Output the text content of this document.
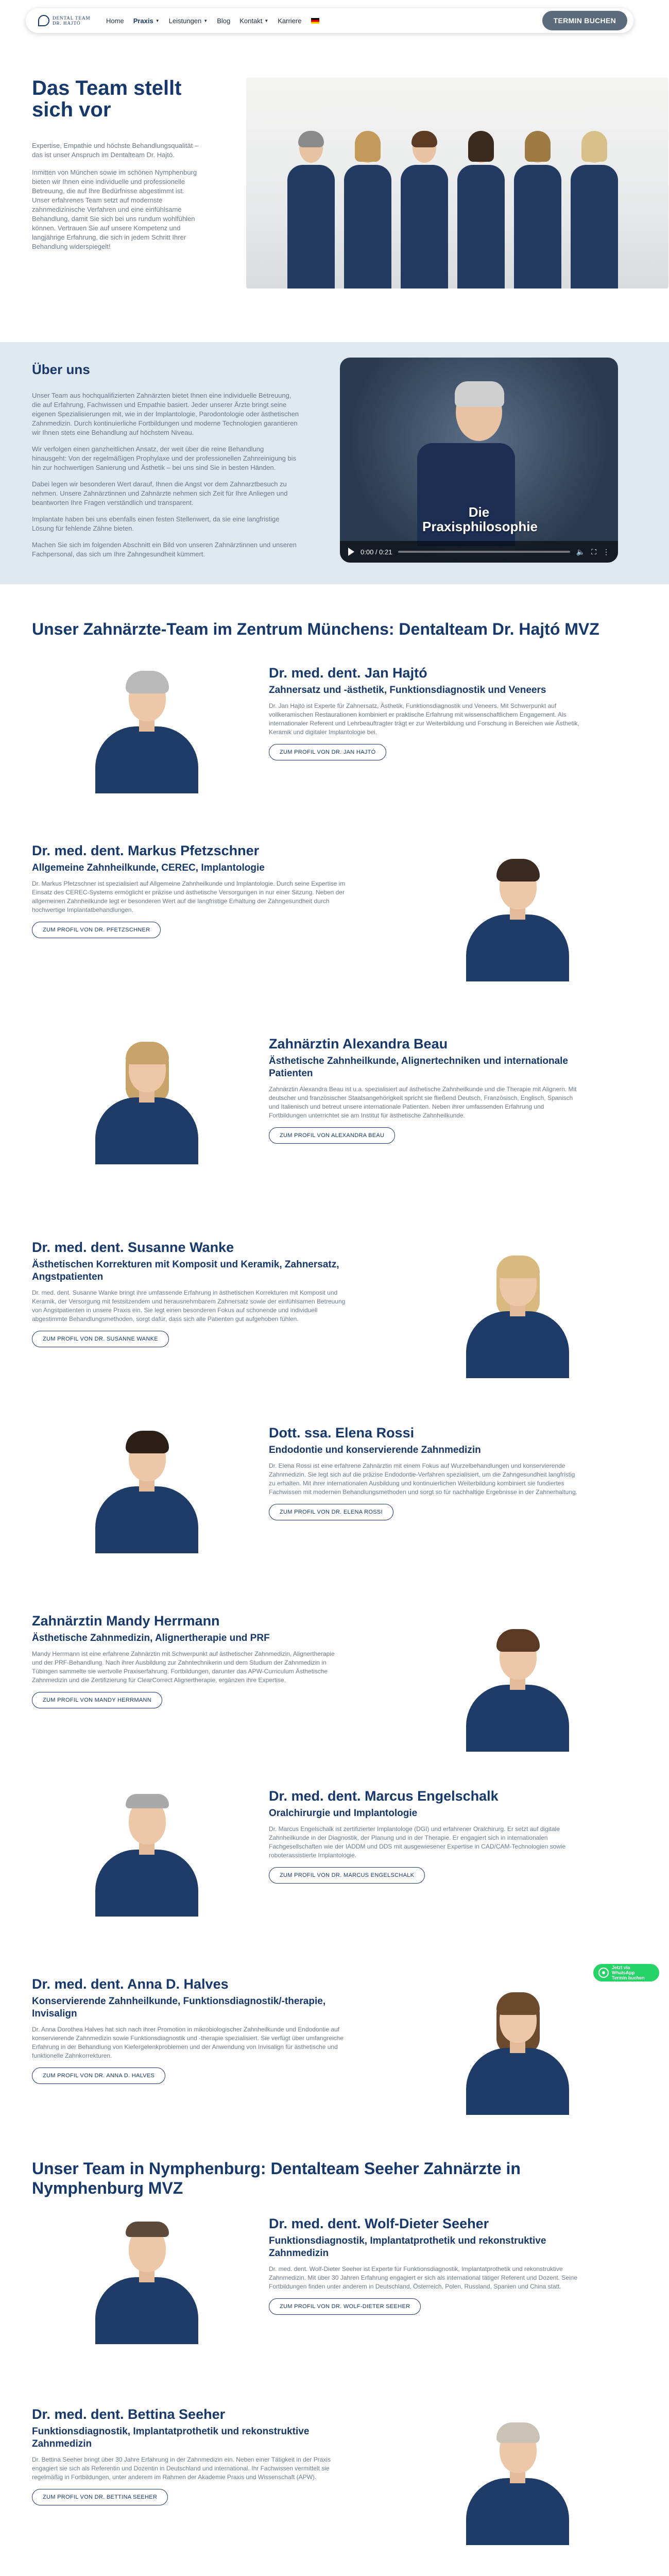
DENTAL TEAM
DR. HAJTÓ	Home Praxis ▼ Leistungen ▼ Blog Kontakt ▼ Karriere	TERMIN BUCHEN
Das Team stellt sich vor

Expertise, Empathie und höchste Behandlungsqualität – das ist unser Anspruch im Dentalteam Dr. Hajtó.

Inmitten von München sowie im schönen Nymphenburg bieten wir Ihnen eine individuelle und professionelle Betreuung, die auf Ihre Bedürfnisse abgestimmt ist. Unser erfahrenes Team setzt auf modernste zahnmedizinische Verfahren und eine einfühlsame Behandlung, damit Sie sich bei uns rundum wohlfühlen können. Vertrauen Sie auf unsere Kompetenz und langjährige Erfahrung, die sich in jedem Schritt Ihrer Behandlung widerspiegelt!

Über uns

Unser Team aus hochqualifizierten Zahnärzten bietet Ihnen eine individuelle Betreuung, die auf Erfahrung, Fachwissen und Empathie basiert. Jeder unserer Ärzte bringt seine eigenen Spezialisierungen mit, wie in der Implantologie, Parodontologie oder ästhetischen Zahnmedizin. Durch kontinuierliche Fortbildungen und moderne Technologien garantieren wir Ihnen stets eine Behandlung auf höchstem Niveau.

Wir verfolgen einen ganzheitlichen Ansatz, der weit über die reine Behandlung hinausgeht: Von der regelmäßigen Prophylaxe und der professionellen Zahnreinigung bis hin zur hochwertigen Sanierung und Ästhetik – bei uns sind Sie in besten Händen.

Dabei legen wir besonderen Wert darauf, Ihnen die Angst vor dem Zahnarztbesuch zu nehmen. Unsere Zahnärztinnen und Zahnärzte nehmen sich Zeit für Ihre Anliegen und beantworten Ihre Fragen verständlich und transparent.

Implantate haben bei uns ebenfalls einen festen Stellenwert, da sie eine langfristige Lösung für fehlende Zähne bieten.

Machen Sie sich im folgenden Abschnitt ein Bild von unseren Zahnärztinnen und unseren Fachpersonal, das sich um Ihre Zahngesundheit kümmert.

Die Praxisphilosophie
0:00 / 0:21	🔈 ⛶ ⋮
Unser Zahnärzte-Team im Zentrum Münchens: Dentalteam Dr. Hajtó MVZ
Dr. med. dent. Jan Hajtó
Zahnersatz und -ästhetik, Funktionsdiagnostik und Veneers

Dr. Jan Hajtó ist Experte für Zahnersatz, Ästhetik, Funktionsdiagnostik und Veneers. Mit Schwerpunkt auf vollkeramischen Restaurationen kombiniert er praktische Erfahrung mit wissenschaftlichem Engagement. Als internationaler Referent und Lehrbeauftragter trägt er zur Weiterbildung und Forschung in Bereichen wie Ästhetik, Keramik und digitaler Implantologie bei.

ZUM PROFIL VON DR. JAN HAJTÓ
Dr. med. dent. Markus Pfetzschner
Allgemeine Zahnheilkunde, CEREC, Implantologie

Dr. Markus Pfetzschner ist spezialisiert auf Allgemeine Zahnheilkunde und Implantologie. Durch seine Expertise im Einsatz des CEREC-Systems ermöglicht er präzise und ästhetische Versorgungen in nur einer Sitzung. Neben der allgemeinen Zahnheilkunde legt er besonderen Wert auf die langfristige Erhaltung der Zahngesundheit durch hochwertige Implantatbehandlungen.

ZUM PROFIL VON DR. PFETZSCHNER
Zahnärztin Alexandra Beau
Ästhetische Zahnheilkunde, Alignertechniken und internationale Patienten

Zahnärztin Alexandra Beau ist u.a. spezialisiert auf ästhetische Zahnheilkunde und die Therapie mit Alignern. Mit deutscher und französischer Staatsangehörigkeit spricht sie fließend Deutsch, Französisch, Englisch, Spanisch und Italienisch und betreut unsere internationale Patienten. Neben ihrer umfassenden Erfahrung und Fortbildungen unterrichtet sie am Institut für ästhetische Zahnheilkunde.

ZUM PROFIL VON ALEXANDRA BEAU
Dr. med. dent. Susanne Wanke
Ästhetischen Korrekturen mit Komposit und Keramik, Zahnersatz, Angstpatienten

Dr. med. dent. Susanne Wanke bringt ihre umfassende Erfahrung in ästhetischen Korrekturen mit Komposit und Keramik, der Versorgung mit festsitzendem und herausnehmbarem Zahnersatz sowie der einfühlsamen Betreuung von Angstpatienten in unsere Praxis ein. Sie legt einen besonderen Fokus auf schonende und individuell abgestimmte Behandlungsmethoden, sorgt dafür, dass sich alle Patienten gut aufgehoben fühlen.

ZUM PROFIL VON DR. SUSANNE WANKE
Dott. ssa. Elena Rossi
Endodontie und konservierende Zahnmedizin

Dr. Elena Rossi ist eine erfahrene Zahnärztin mit einem Fokus auf Wurzelbehandlungen und konservierende Zahnmedizin. Sie legt sich auf die präzise Endodontie-Verfahren spezialisiert, um die Zahngesundheit langfristig zu erhalten. Mit ihrer internationalen Ausbildung und kontinuierlichen Weiterbildung kombiniert sie fundiertes Fachwissen mit modernen Behandlungsmethoden und sorgt so für nachhaltige Ergebnisse in der Zahnerhaltung.

ZUM PROFIL VON DR. ELENA ROSSI
Zahnärztin Mandy Herrmann
Ästhetische Zahnmedizin, Alignertherapie und PRF

Mandy Herrmann ist eine erfahrene Zahnärztin mit Schwerpunkt auf ästhetischer Zahnmedizin, Alignertherapie und der PRF-Behandlung. Nach ihrer Ausbildung zur Zahntechnikerin und dem Studium der Zahnmedizin in Tübingen sammelte sie wertvolle Praxiserfahrung. Fortbildungen, darunter das APW-Curriculum Ästhetische Zahnmedizin und die Zertifizierung für ClearCorrect Alignertherapie, ergänzen ihre Expertise.

ZUM PROFIL VON MANDY HERRMANN
Dr. med. dent. Marcus Engelschalk
Oralchirurgie und Implantologie

Dr. Marcus Engelschalk ist zertifizierter Implantologe (DGI) und erfahrener Oralchirurg. Er setzt auf digitale Zahnheilkunde in der Diagnostik, der Planung und in der Therapie. Er engagiert sich in internationalen Fachgesellschaften wie der IADDM und DDS mit ausgewiesener Expertise in CAD/CAM-Technologien sowie roboterassistierte Implantologie.

ZUM PROFIL VON DR. MARCUS ENGELSCHALK
Dr. med. dent. Anna D. Halves
Konservierende Zahnheilkunde, Funktionsdiagnostik/-therapie, Invisalign

Dr. Anna Dorothea Halves hat sich nach ihrer Promotion in mikrobiologischer Zahnheilkunde und Endodontie auf konservierende Zahnmedizin sowie Funktionsdiagnostik und -therapie spezialisiert. Sie verfügt über umfangreiche Erfahrung in der Behandlung von Kiefergelenkproblemen und der Anwendung von Invisalign für ästhetische und funktionelle Zahnkorrekturen.

ZUM PROFIL VON DR. ANNA D. HALVES
Unser Team in Nymphenburg: Dentalteam Seeher Zahnärzte in Nymphenburg MVZ
Dr. med. dent. Wolf-Dieter Seeher
Funktionsdiagnostik, Implantatprothetik und rekonstruktive Zahnmedizin

Dr. med. dent. Wolf-Dieter Seeher ist Experte für Funktionsdiagnostik, Implantatprothetik und rekonstruktive Zahnmedizin. Mit über 30 Jahren Erfahrung engagiert er sich als international tätiger Referent und Dozent. Seine Fortbildungen finden unter anderem in Deutschland, Österreich, Polen, Russland, Spanien und China statt.

ZUM PROFIL VON DR. WOLF-DIETER SEEHER
Dr. med. dent. Bettina Seeher
Funktionsdiagnostik, Implantatprothetik und rekonstruktive Zahnmedizin

Dr. Bettina Seeher bringt über 30 Jahre Erfahrung in der Zahnmedizin ein. Neben einer Tätigkeit in der Praxis engagiert sie sich als Referentin und Dozentin in Deutschland und international. Ihr Fachwissen vermittelt sie regelmäßig in Fortbildungen, unter anderem im Rahmen der Akademie Praxis und Wissenschaft (APW).

ZUM PROFIL VON DR. BETTINA SEEHER

Jetzt via WhatsApp
Termin buchen
